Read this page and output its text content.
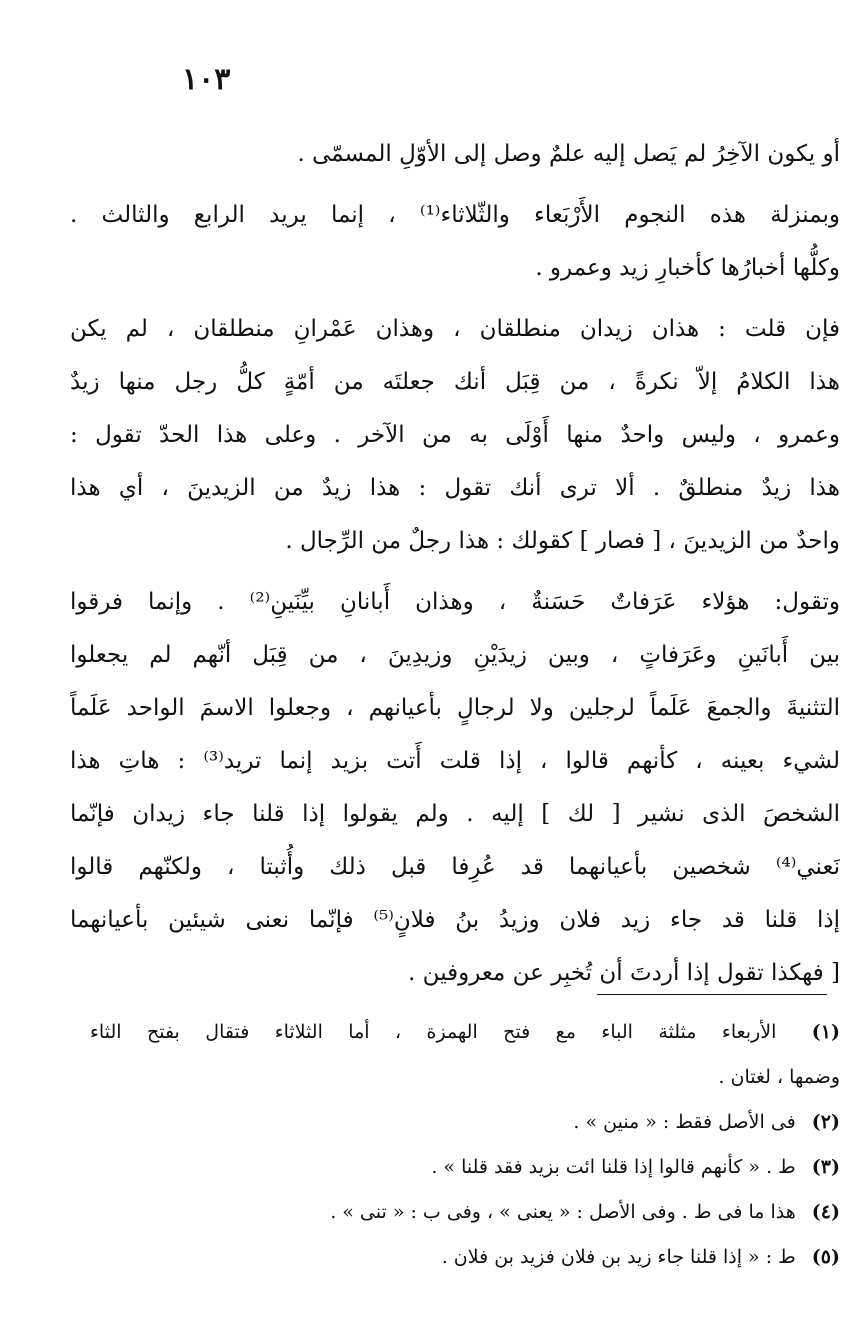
١٠٣
أو يكون الآخِرُ لم يَصل إليه علمٌ وصل إلى الأوّلِ المسمّى .
وبمنزلة هذه النجوم الأَرْبَعاء والثّلاثاء⁽¹⁾ ، إنما يريد الرابع والثالث .
وكلُّها أخبارُها كأخبارِ زيد وعمرو .
فإن قلت : هذان زيدان منطلقان ، وهذان عَمْرانِ منطلقان ، لم يكن
هذا الكلامُ إلاّ نكرةً ، من قِبَل أنك جعلتَه من أمّةٍ كلُّ رجل منها زيدٌ
وعمرو ، وليس واحدٌ منها أَوْلَى به من الآخر . وعلى هذا الحدّ تقول :
هذا زيدٌ منطلقٌ . ألا ترى أنك تقول : هذا زيدٌ من الزيدينَ ، أي هذا
واحدٌ من الزيدينَ ، [ فصار ] كقولك : هذا رجلٌ من الرِّجال .
وتقول: هؤلاء عَرَفاتٌ حَسَنةٌ ، وهذان أَبانانِ بيِّنَينِ⁽²⁾ . وإنما فرقوا
بين أَبانَينِ وعَرَفاتٍ ، وبين زيدَيْنِ وزيدِينَ ، من قِبَل أنّهم لم يجعلوا
التثنيةَ والجمعَ عَلَماً لرجلين ولا لرجالٍ بأعيانهم ، وجعلوا الاسمَ الواحد عَلَماً
لشيء بعينه ، كأنهم قالوا ، إذا قلت أَتت بزيد إنما تريد⁽³⁾ : هاتِ هذا
الشخصَ الذى نشير [ لك ] إليه . ولم يقولوا إذا قلنا جاء زيدان فإنّما
نَعني⁽⁴⁾ شخصين بأعيانهما قد عُرِفا قبل ذلك وأُثبتا ، ولكنّهم قالوا
إذا قلنا قد جاء زيد فلان وزيدُ بنُ فلانٍ⁽⁵⁾ فإنّما نعنى شيئين بأعيانهما
[ فهكذا تقول إذا أردتَ أن تُخبِر عن معروفين .
(١) الأربعاء مثلثة الباء مع فتح الهمزة ، أما الثلاثاء فتقال بفتح الثاء
وضمها ، لغتان .
(٢) فى الأصل فقط : « منين » .
(٣) ط . « كأنهم قالوا إذا قلنا ائت بزيد فقد قلنا » .
(٤) هذا ما فى ط . وفى الأصل : « يعنى » ، وفى ب : « تنى » .
(٥) ط : « إذا قلنا جاء زيد بن فلان فزيد بن فلان .
